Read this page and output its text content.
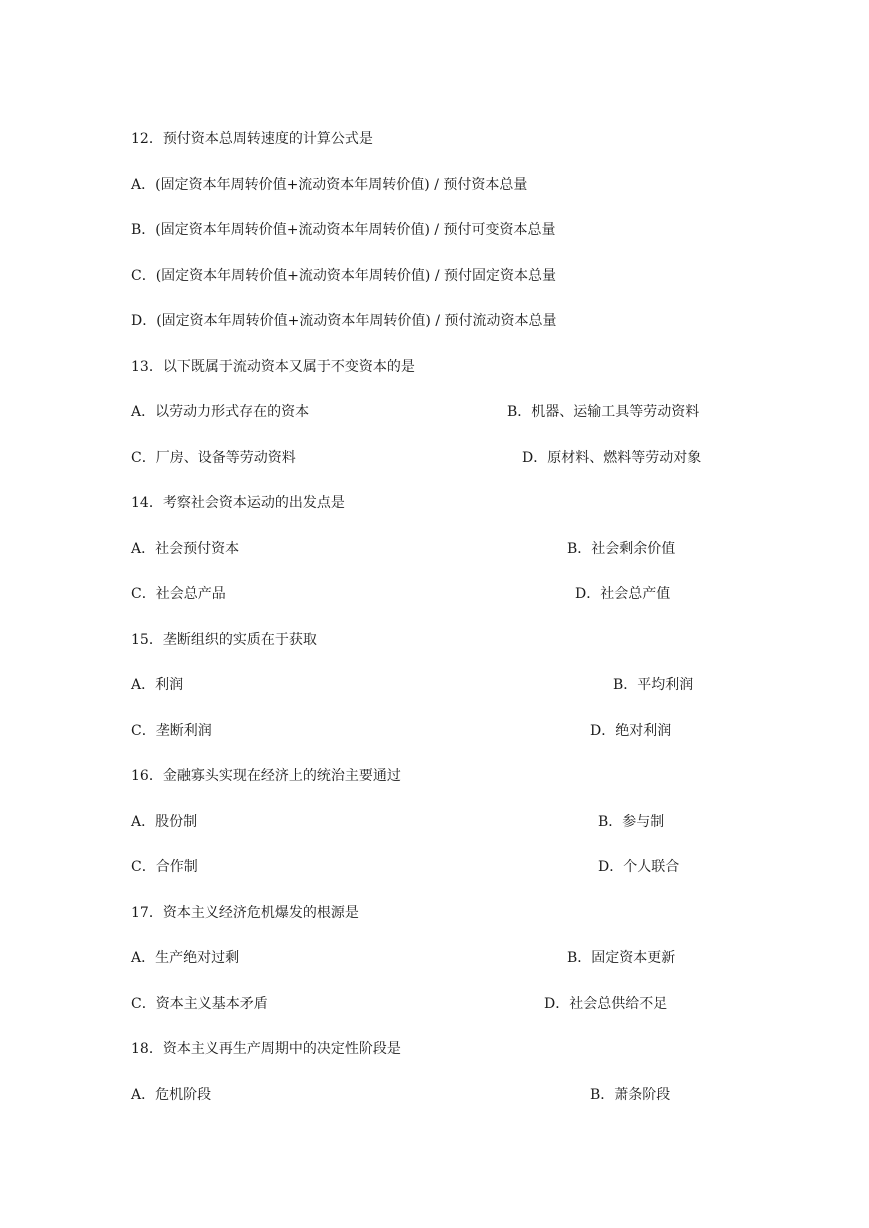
12．预付资本总周转速度的计算公式是
A．(固定资本年周转价值+流动资本年周转价值) / 预付资本总量
B．(固定资本年周转价值+流动资本年周转价值) / 预付可变资本总量
C．(固定资本年周转价值+流动资本年周转价值) / 预付固定资本总量
D．(固定资本年周转价值+流动资本年周转价值) / 预付流动资本总量
13．以下既属于流动资本又属于不变资本的是
A．以劳动力形式存在的资本	B．机器、运输工具等劳动资料
C．厂房、设备等劳动资料	D．原材料、燃料等劳动对象
14．考察社会资本运动的出发点是
A．社会预付资本	B．社会剩余价值
C．社会总产品	D．社会总产值
15．垄断组织的实质在于获取
A．利润	B．平均利润
C．垄断利润	D．绝对利润
16．金融寡头实现在经济上的统治主要通过
A．股份制	B．参与制
C．合作制	D．个人联合
17．资本主义经济危机爆发的根源是
A．生产绝对过剩	B．固定资本更新
C．资本主义基本矛盾	D．社会总供给不足
18．资本主义再生产周期中的决定性阶段是
A．危机阶段	B．萧条阶段
